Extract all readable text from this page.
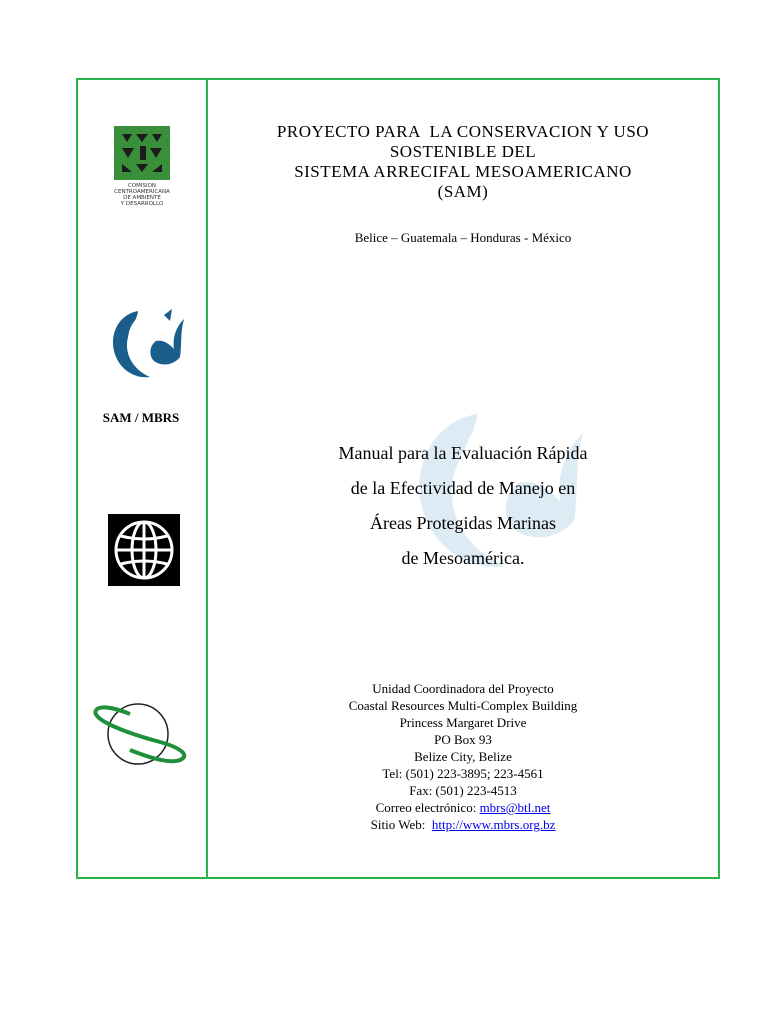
COMISION
CENTROAMERICANA
DE AMBIENTE
Y DESARROLLO
SAM / MBRS
PROYECTO PARA  LA CONSERVACION Y USO
SOSTENIBLE DEL
SISTEMA ARRECIFAL MESOAMERICANO
(SAM)
Belice – Guatemala – Honduras - México
Manual para la Evaluación Rápida
de la Efectividad de Manejo en
Áreas Protegidas Marinas
de Mesoamérica.
Unidad Coordinadora del Proyecto
Coastal Resources Multi-Complex Building
Princess Margaret Drive
PO Box 93
Belize City, Belize
Tel: (501) 223-3895; 223-4561
Fax: (501) 223-4513
Correo electrónico: mbrs@btl.net
Sitio Web:  http://www.mbrs.org.bz
